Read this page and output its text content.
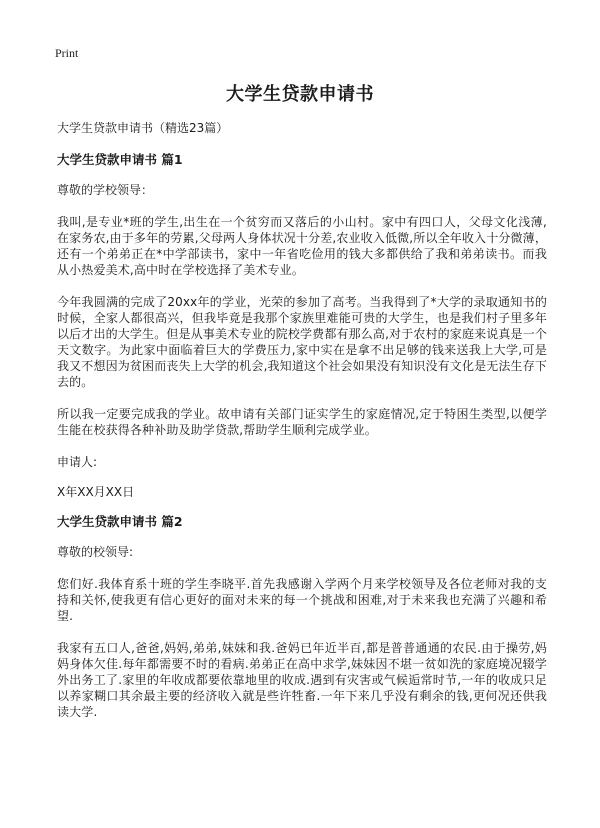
Print
大学生贷款申请书

大学生贷款申请书（精选23篇）

大学生贷款申请书 篇1

尊敬的学校领导：

我叫,是专业*班的学生,出生在一个贫穷而又落后的小山村。家中有四口人，父母文化浅薄,在家务农,由于多年的劳累,父母两人身体状况十分差,农业收入低微,所以全年收入十分微薄，还有一个弟弟正在*中学部读书，家中一年省吃俭用的钱大多都供给了我和弟弟读书。而我从小热爱美术,高中时在学校选择了美术专业。

今年我圆满的完成了20xx年的学业，光荣的参加了高考。当我得到了*大学的录取通知书的时候，全家人都很高兴，但我毕竟是我那个家族里难能可贵的大学生，也是我们村子里多年以后才出的大学生。但是从事美术专业的院校学费都有那么高,对于农村的家庭来说真是一个天文数字。为此家中面临着巨大的学费压力,家中实在是拿不出足够的钱来送我上大学,可是我又不想因为贫困而丧失上大学的机会,我知道这个社会如果没有知识没有文化是无法生存下去的。

所以我一定要完成我的学业。故申请有关部门证实学生的家庭情况,定于特困生类型,以便学生能在校获得各种补助及助学贷款,帮助学生顺利完成学业。

申请人:

X年XX月XX日

大学生贷款申请书 篇2

尊敬的校领导:

您们好.我体育系十班的学生李晓平.首先我感谢入学两个月来学校领导及各位老师对我的支持和关怀,使我更有信心更好的面对未来的每一个挑战和困难,对于未来我也充满了兴趣和希望.

我家有五口人,爸爸,妈妈,弟弟,妹妹和我.爸妈已年近半百,都是普普通通的农民.由于操劳,妈妈身体欠佳.每年都需要不时的看病.弟弟正在高中求学,妹妹因不堪一贫如洗的家庭境况辍学外出务工了.家里的年收成都要依靠地里的收成.遇到有灾害或气候逅常时节,一年的收成只足以养家糊口其余最主要的经济收入就是些许牲畜.一年下来几乎没有剩余的钱,更何况还供我读大学.
